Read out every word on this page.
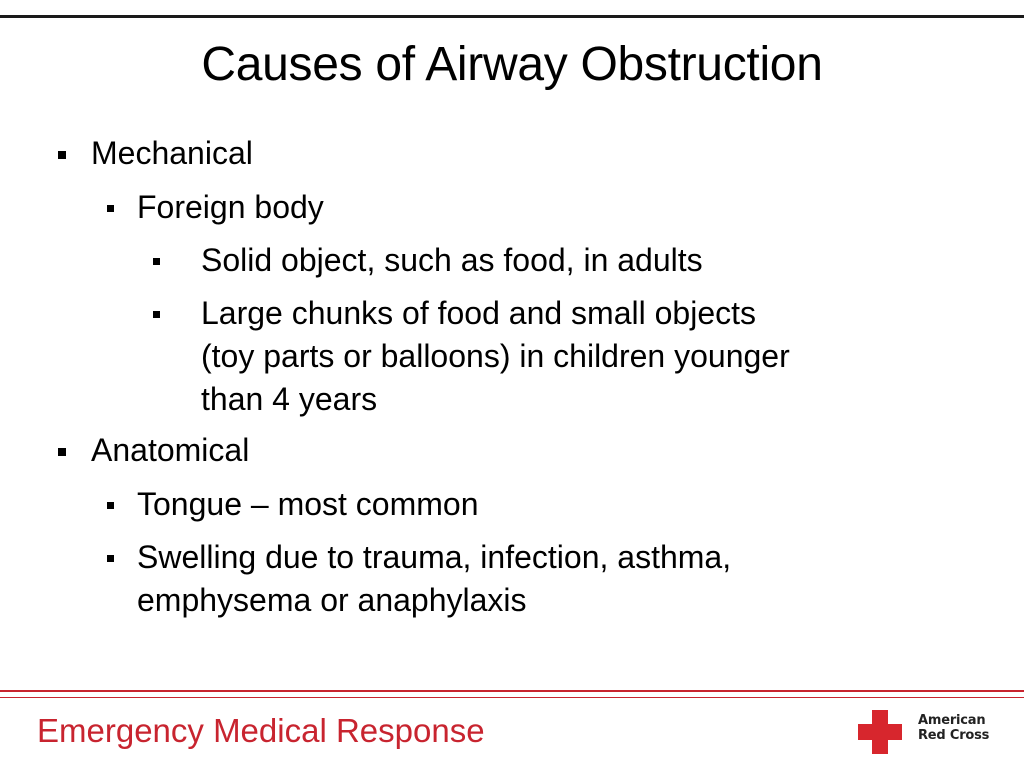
Causes of Airway Obstruction
Mechanical
Foreign body
Solid object, such as food, in adults
Large chunks of food and small objects
(toy parts or balloons) in children younger
than 4 years
Anatomical
Tongue – most common
Swelling due to trauma, infection, asthma,
emphysema or anaphylaxis
Emergency Medical Response	American
Red Cross
